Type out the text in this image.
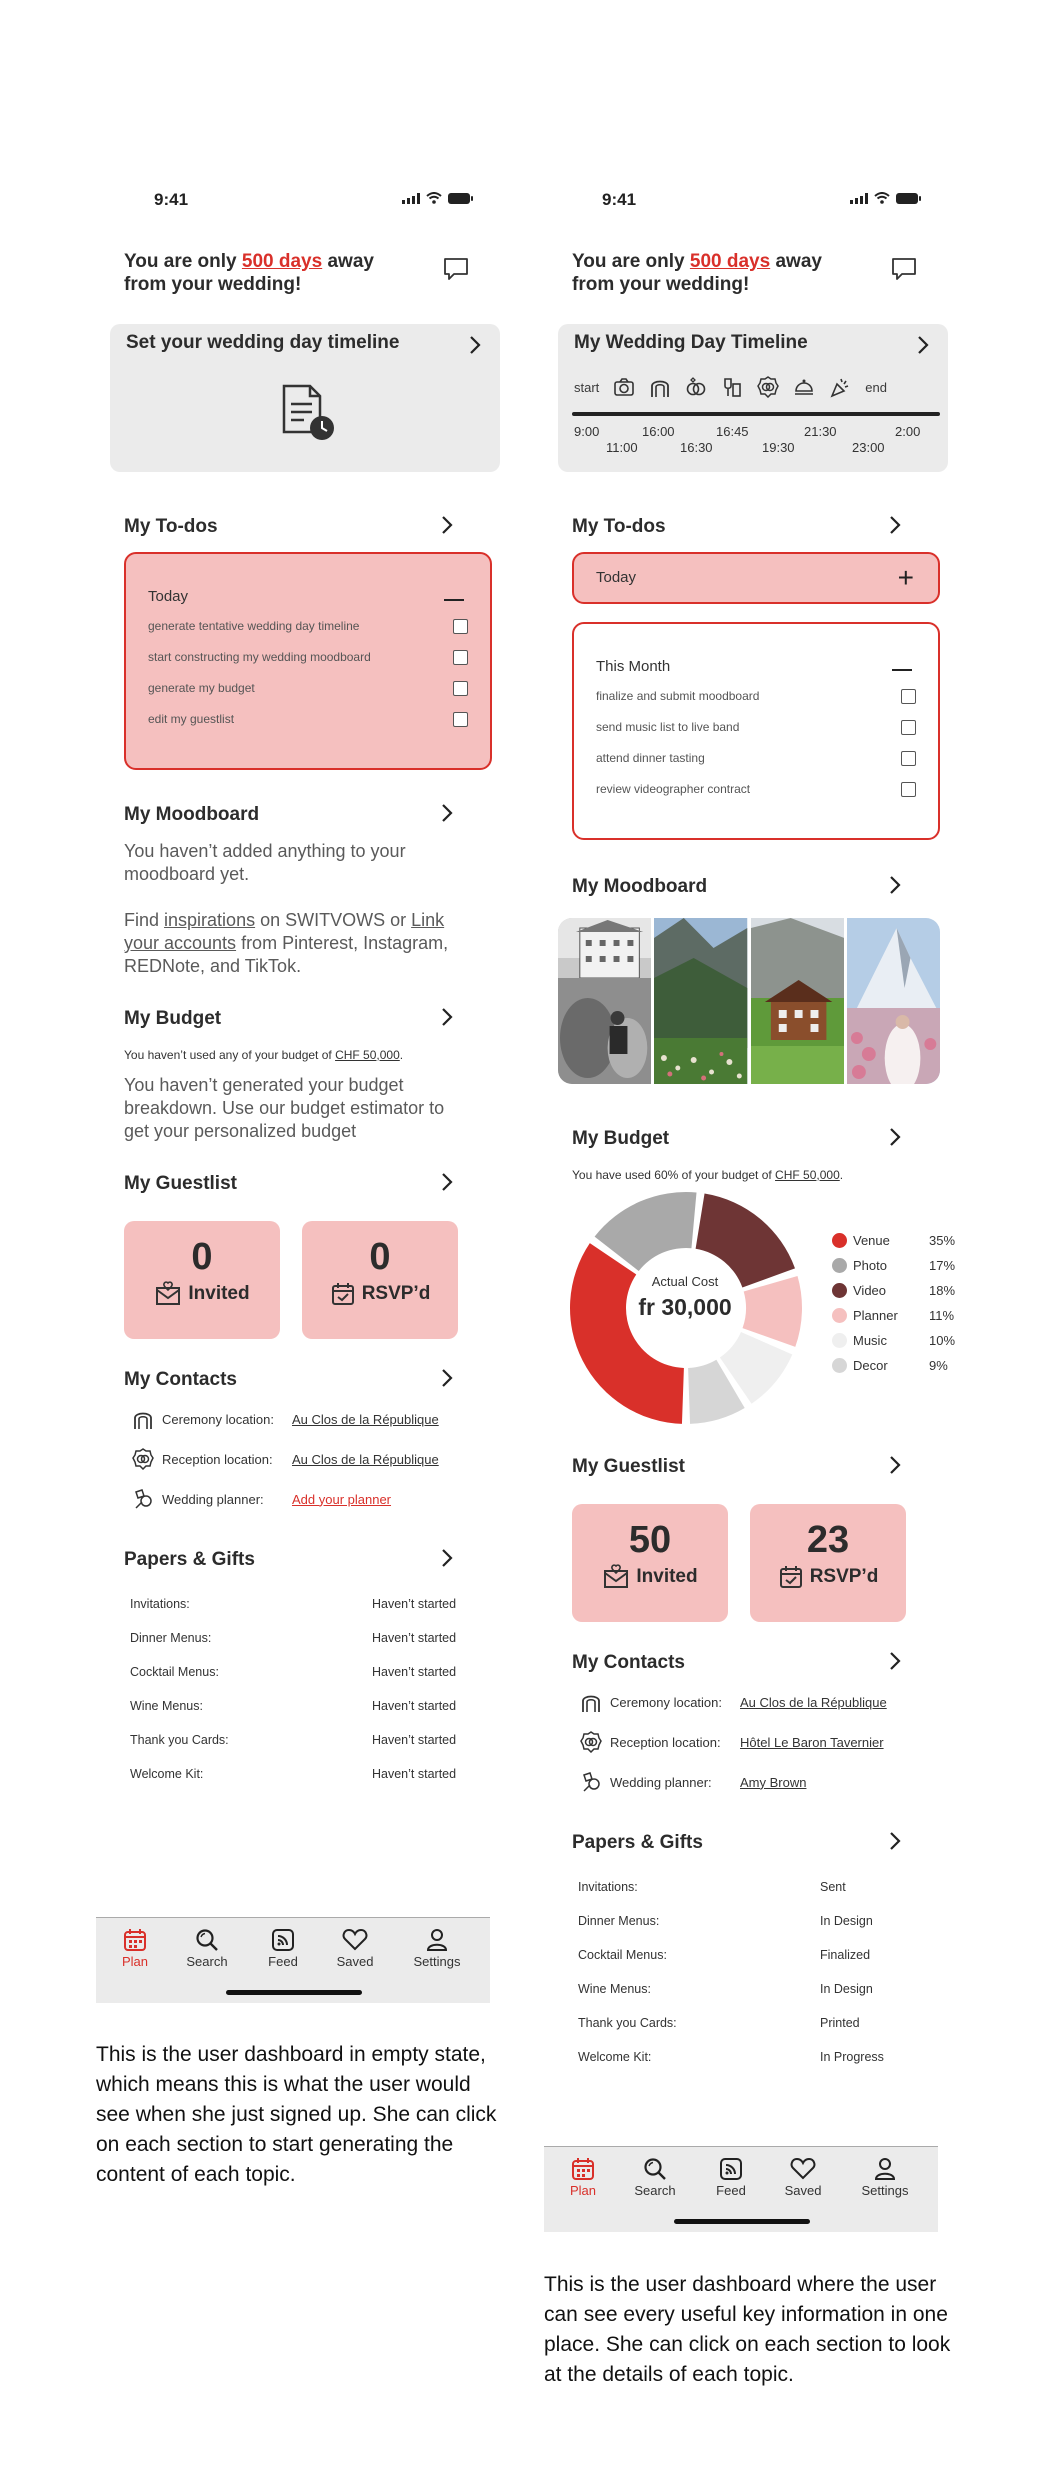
9:41
You are only 500 days away from your wedding!
Set your wedding day timeline
My To-dos
Today
generate tentative wedding day timeline
start constructing my wedding moodboard
generate my budget
edit my guestlist
My Moodboard
You haven’t added anything to your moodboard yet.
Find inspirations on SWITVOWS or Link your accounts from Pinterest, Instagram, REDNote, and TikTok.
My Budget
You haven’t used any of your budget of CHF 50,000.
You haven’t generated your budget breakdown. Use our budget estimator to get your personalized budget
My Guestlist
0
Invited
0
RSVP’d
My Contacts
Ceremony location:	Au Clos de la République
Reception location:	Au Clos de la République
Wedding planner:	Add your planner
Papers & Gifts
Invitations:	Haven’t started
Dinner Menus:	Haven’t started
Cocktail Menus:	Haven’t started
Wine Menus:	Haven’t started
Thank you Cards:	Haven’t started
Welcome Kit:	Haven’t started
Plan	Search	Feed	Saved	Settings
This is the user dashboard in empty state, which means this is what the user would see when she just signed up. She can click on each section to start generating the content of each topic.
9:41
You are only 500 days away from your wedding!
My Wedding Day Timeline
start	end
9:00	16:00	16:45	21:30	2:00
11:00	16:30	19:30	23:00
My To-dos
Today	+
This Month
finalize and submit moodboard
send music list to live band
attend dinner tasting
review videographer contract
My Moodboard
My Budget
You have used 60% of your budget of CHF 50,000.
Actual Cost
fr 30,000
Venue	35%
Photo	17%
Video	18%
Planner	11%
Music	10%
Decor	9%
My Guestlist
50
Invited
23
RSVP’d
My Contacts
Ceremony location:	Au Clos de la République
Reception location:	Hôtel Le Baron Tavernier
Wedding planner:	Amy Brown
Papers & Gifts
Invitations:	Sent
Dinner Menus:	In Design
Cocktail Menus:	Finalized
Wine Menus:	In Design
Thank you Cards:	Printed
Welcome Kit:	In Progress
Plan	Search	Feed	Saved	Settings
This is the user dashboard where the user can see every useful key information in one place. She can click on each section to look at the details of each topic.
